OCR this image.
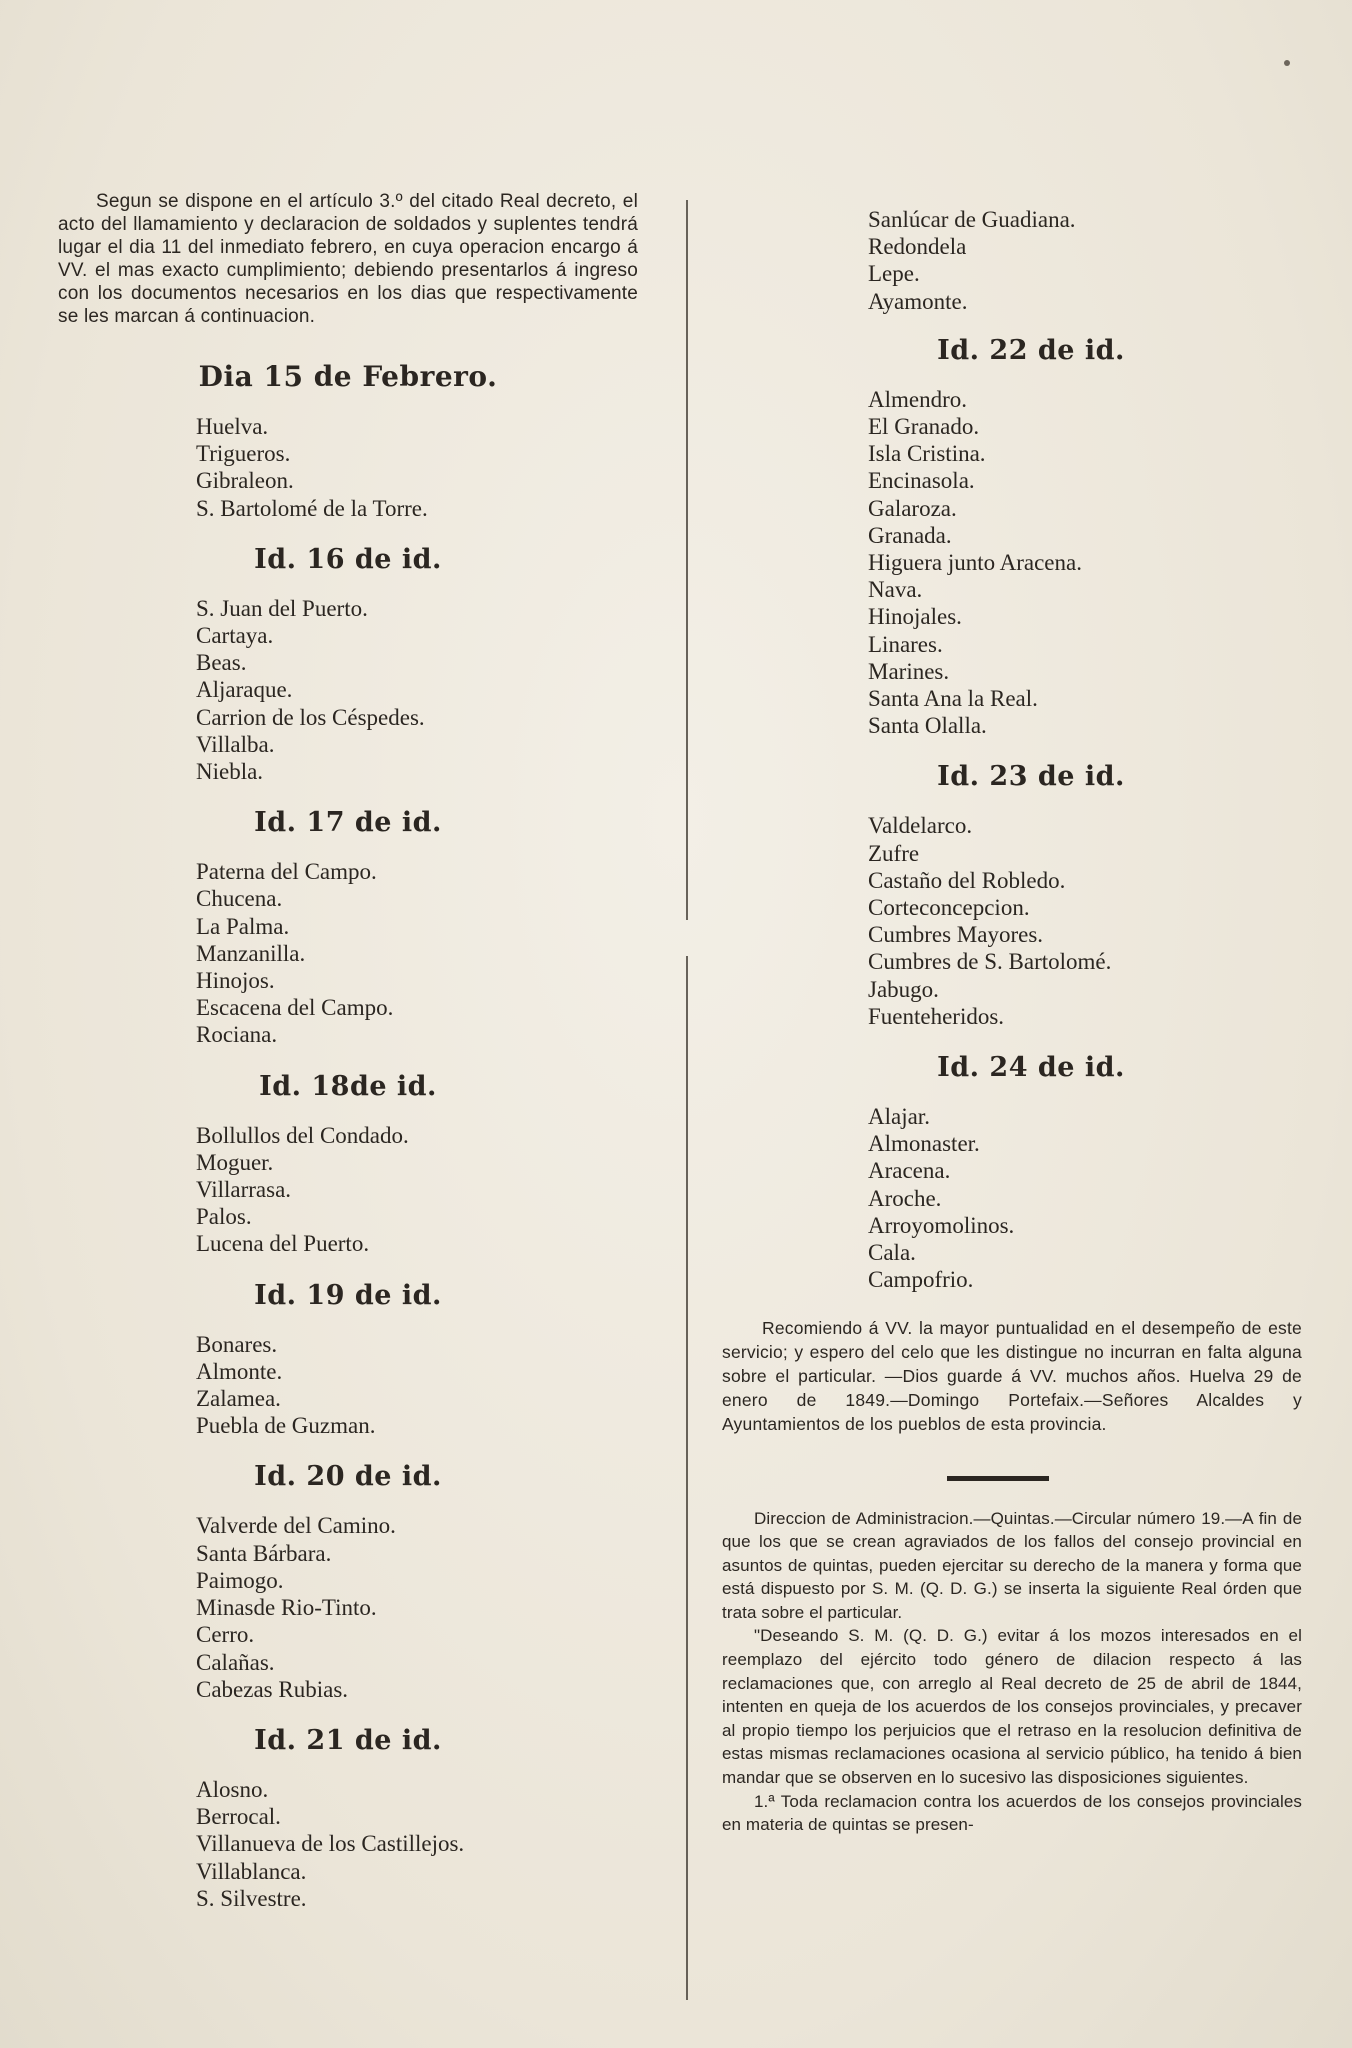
Segun se dispone en el artículo 3.º del citado Real decreto, el acto del llamamiento y declaracion de soldados y suplentes tendrá lugar el dia 11 del inmediato febrero, en cuya operacion encargo á VV. el mas exacto cumplimiento; debiendo presentarlos á ingreso con los documentos necesarios en los dias que respectivamente se les marcan á continuacion.

Dia 15 de Febrero.

Huelva.
Trigueros.
Gibraleon.
S. Bartolomé de la Torre.

Id. 16 de id.

S. Juan del Puerto.
Cartaya.
Beas.
Aljaraque.
Carrion de los Céspedes.
Villalba.
Niebla.

Id. 17 de id.

Paterna del Campo.
Chucena.
La Palma.
Manzanilla.
Hinojos.
Escacena del Campo.
Rociana.

Id. 18de id.

Bollullos del Condado.
Moguer.
Villarrasa.
Palos.
Lucena del Puerto.

Id. 19 de id.

Bonares.
Almonte.
Zalamea.
Puebla de Guzman.

Id. 20 de id.

Valverde del Camino.
Santa Bárbara.
Paimogo.
Minasde Rio-Tinto.
Cerro.
Calañas.
Cabezas Rubias.

Id. 21 de id.

Alosno.
Berrocal.
Villanueva de los Castillejos.
Villablanca.
S. Silvestre.
Sanlúcar de Guadiana.
Redondela
Lepe.
Ayamonte.

Id. 22 de id.

Almendro.
El Granado.
Isla Cristina.
Encinasola.
Galaroza.
Granada.
Higuera junto Aracena.
Nava.
Hinojales.
Linares.
Marines.
Santa Ana la Real.
Santa Olalla.

Id. 23 de id.

Valdelarco.
Zufre
Castaño del Robledo.
Corteconcepcion.
Cumbres Mayores.
Cumbres de S. Bartolomé.
Jabugo.
Fuenteheridos.

Id. 24 de id.

Alajar.
Almonaster.
Aracena.
Aroche.
Arroyomolinos.
Cala.
Campofrio.

Recomiendo á VV. la mayor puntualidad en el desempeño de este servicio; y espero del celo que les distingue no incurran en falta alguna sobre el particular. —Dios guarde á VV. muchos años. Huelva 29 de enero de 1849.—Domingo Portefaix.—Señores Alcaldes y Ayuntamientos de los pueblos de esta provincia.

Direccion de Administracion.—Quintas.—Circular número 19.—A fin de que los que se crean agraviados de los fallos del consejo provincial en asuntos de quintas, pueden ejercitar su derecho de la manera y forma que está dispuesto por S. M. (Q. D. G.) se inserta la siguiente Real órden que trata sobre el particular.

"Deseando S. M. (Q. D. G.) evitar á los mozos interesados en el reemplazo del ejército todo género de dilacion respecto á las reclamaciones que, con arreglo al Real decreto de 25 de abril de 1844, intenten en queja de los acuerdos de los consejos provinciales, y precaver al propio tiempo los perjuicios que el retraso en la resolucion definitiva de estas mismas reclamaciones ocasiona al servicio público, ha tenido á bien mandar que se observen en lo sucesivo las disposiciones siguientes.

1.ª Toda reclamacion contra los acuerdos de los consejos provinciales en materia de quintas se presen-
